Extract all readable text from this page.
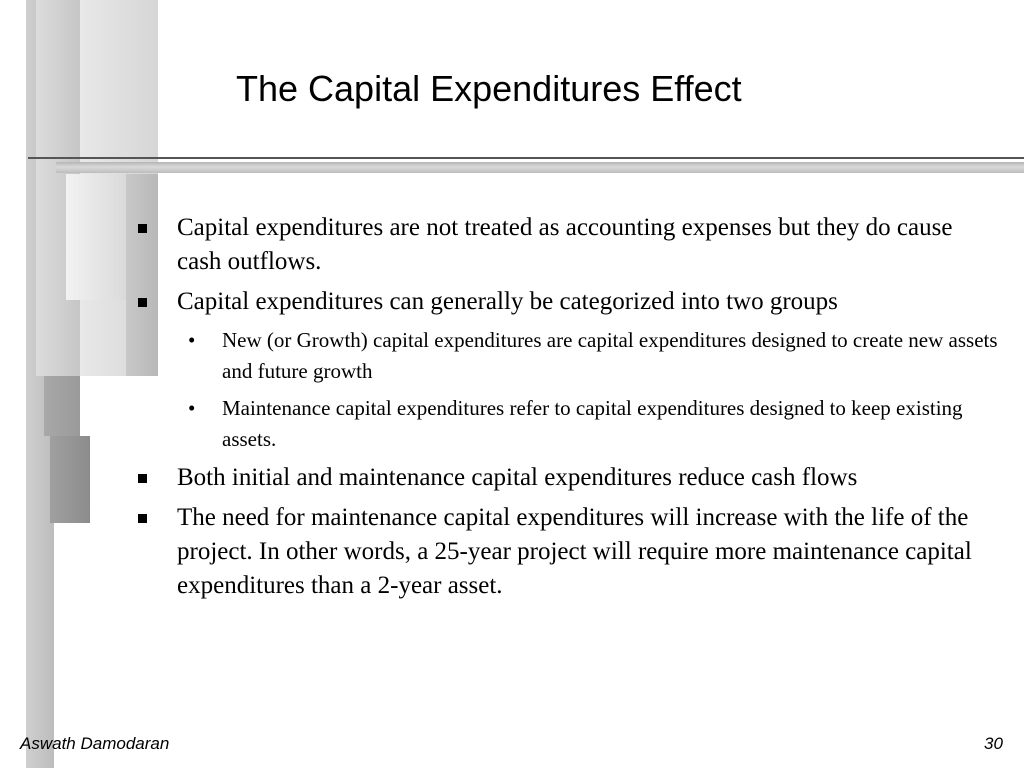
The Capital Expenditures Effect
Capital expenditures are not treated as accounting expenses but they do cause cash outflows.
Capital expenditures can generally be categorized into two groups
• New (or Growth) capital expenditures are capital expenditures designed to create new assets and future growth
• Maintenance capital expenditures refer to capital expenditures designed to keep existing assets.
Both initial and maintenance capital expenditures reduce cash flows
The need for maintenance capital expenditures will increase with the life of the project. In other words, a 25-year project will require more maintenance capital expenditures than a 2-year asset.
Aswath Damodaran	30
